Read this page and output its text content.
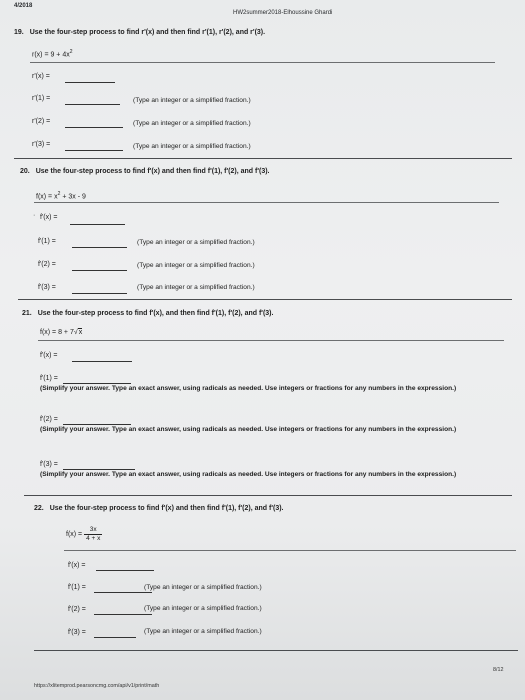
4/2018
HW2summer2018-Elhoussine Ghardi
19. Use the four-step process to find r'(x) and then find r'(1), r'(2), and r'(3).
$r(x) = 9 + 4x^2$
r'(x) =
r'(1) =	(Type an integer or a simplified fraction.)
r'(2) =	(Type an integer or a simplified fraction.)
r'(3) =	(Type an integer or a simplified fraction.)
20. Use the four-step process to find f'(x) and then find f'(1), f'(2), and f'(3).
$f(x) = x^2 + 3x - 9$
· f'(x) =
f'(1) =	(Type an integer or a simplified fraction.)
f'(2) =	(Type an integer or a simplified fraction.)
f'(3) =	(Type an integer or a simplified fraction.)
21. Use the four-step process to find f'(x), and then find f'(1), f'(2), and f'(3).
f(x) = 8 + 7√x
f'(x) =
f'(1) =
(Simplify your answer. Type an exact answer, using radicals as needed. Use integers or fractions for any numbers in the expression.)
f'(2) =
(Simplify your answer. Type an exact answer, using radicals as needed. Use integers or fractions for any numbers in the expression.)
f'(3) =
(Simplify your answer. Type an exact answer, using radicals as needed. Use integers or fractions for any numbers in the expression.)
22. Use the four-step process to find f'(x) and then find f'(1), f'(2), and f'(3).
$f(x) = \frac{3x}{4 + x}$
f'(x) =
f'(1) =	(Type an integer or a simplified fraction.)
f'(2) =	(Type an integer or a simplified fraction.)
f'(3) =	(Type an integer or a simplified fraction.)
8/12
https://xlitemprod.pearsoncmg.com/api/v1/print/math
